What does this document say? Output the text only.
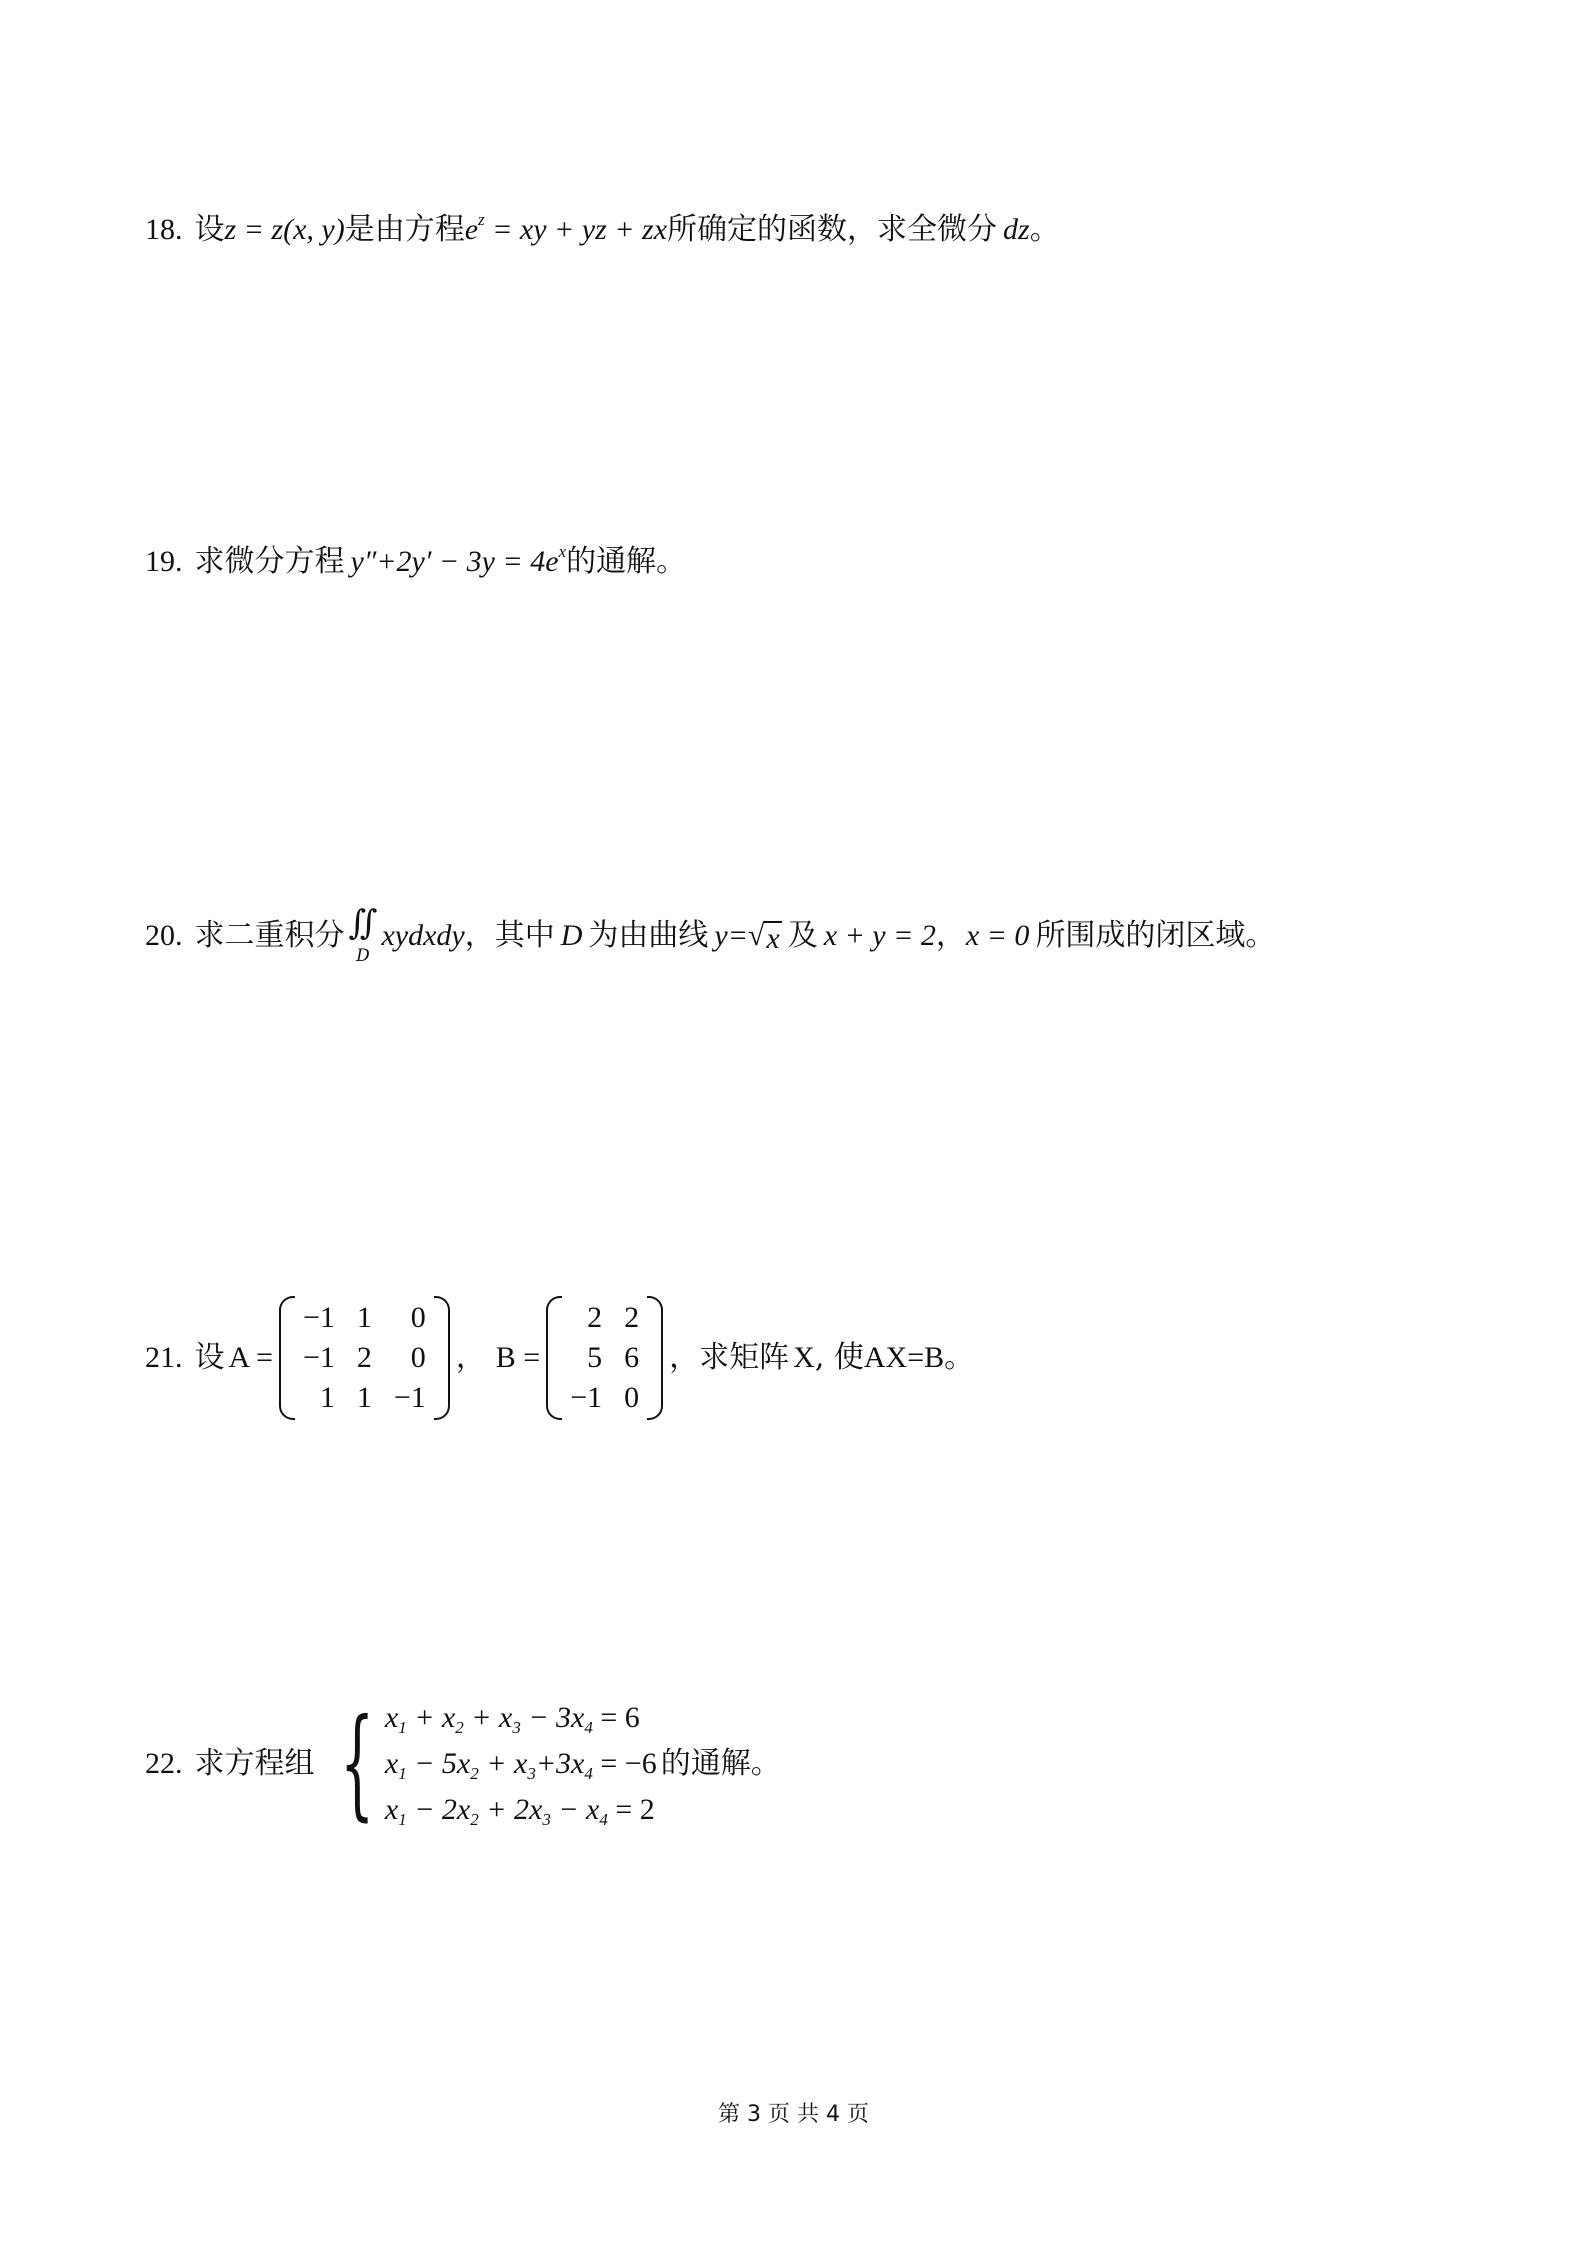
18. 设 z = z(x, y) 是由方程 $e^z$ = xy + yz + zx 所确定的函数，求全微分 dz 。
19. 求微分方程 $y''+2y' - 3y = 4e^x$ 的通解。
20. 求二重积分 ∬
D
xydxdy ，其中 D 为由曲线 y= √ x 及 x + y = 2 ， x = 0 所围成的闭区域。
21. 设 A =
−1 1	0
−1 2	0
1 1 −1
， B =
2 2
5 6
−1 0
，求矩阵 X , 使 AX=B 。
22. 求方程组 { $x_1 + x_2 + x_3 - 3x_4 = 6$
$x_1 - 5x_2 + x_3+3x_4 = -6$
$x_1 - 2x_2 + 2x_3 - x_4 = 2$
的通解。
第 3 页 共 4 页
